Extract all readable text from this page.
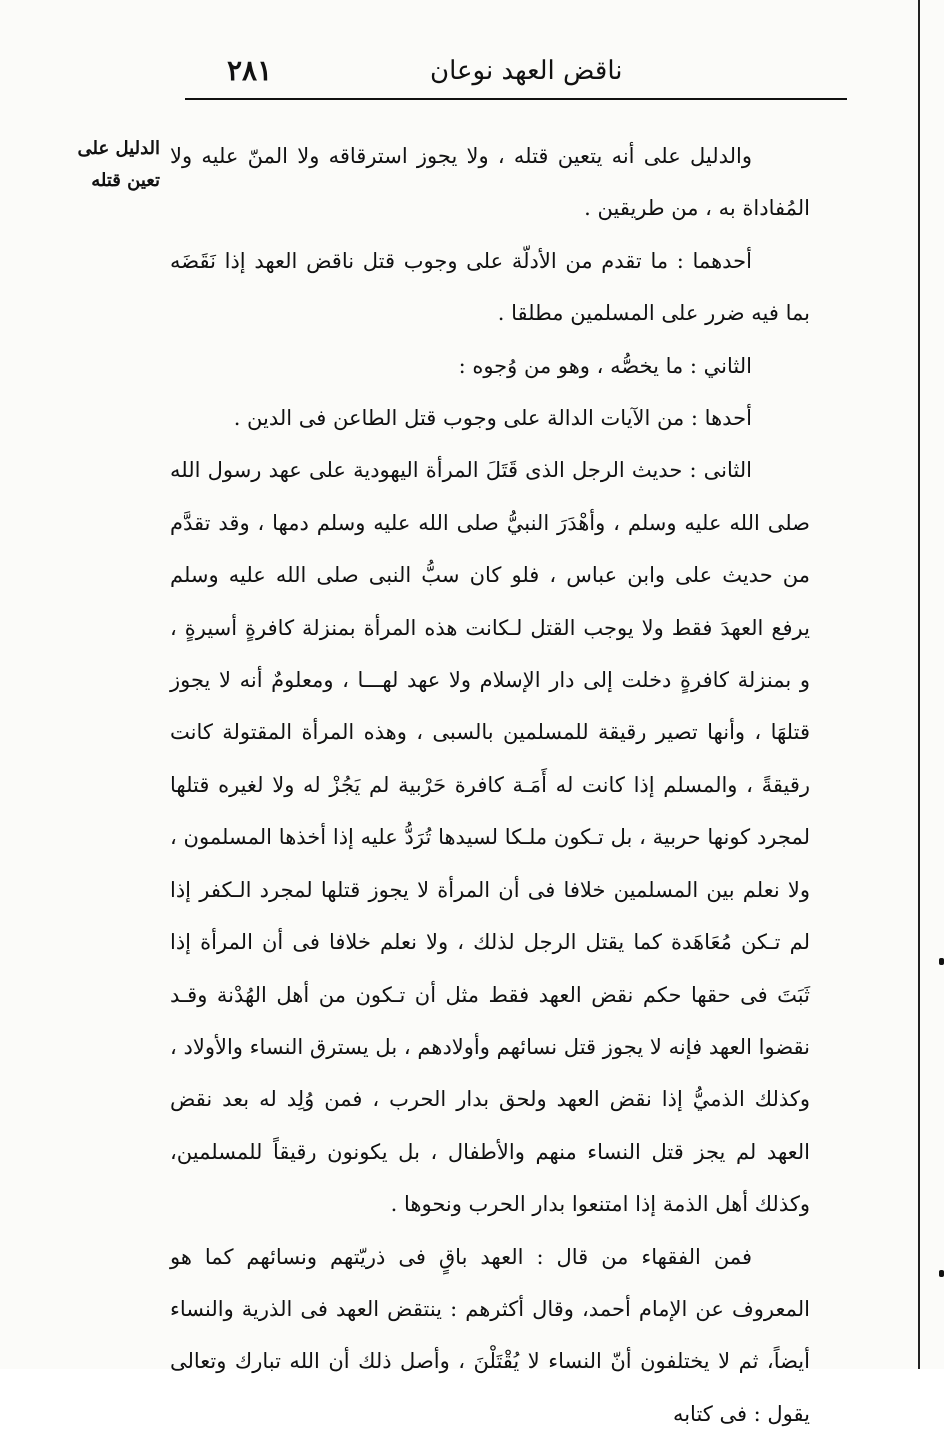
٢٨١	ناقض العهد نوعان
الدليل على
تعين قتله

والدليل على أنه يتعين قتله ، ولا يجوز استرقاقه ولا المنّ عليه ولا المُفاداة به ، من طريقين .

أحدهما : ما تقدم من الأدلّة على وجوب قتل ناقض العهد إذا نَقَضَه بما فيه ضرر على المسلمين مطلقا .

الثاني : ما يخصُّه ، وهو من وُجوه :

أحدها : من الآيات الدالة على وجوب قتل الطاعن فى الدين .

الثانى : حديث الرجل الذى قَتَلَ المرأة اليهودية على عهد رسول الله صلى الله عليه وسلم ، وأهْدَرَ النبيُّ صلى الله عليه وسلم دمها ، وقد تقدَّم من حديث على وابن عباس ، فلو كان سبُّ النبى صلى الله عليه وسلم يرفع العهدَ فقط ولا يوجب القتل لـكانت هذه المرأة بمنزلة كافرةٍ أسيرةٍ ، و بمنزلة كافرةٍ دخلت إلى دار الإسلام ولا عهد لهـــا ، ومعلومٌ أنه لا يجوز قتلهَا ، وأنها تصير رقيقة للمسلمين بالسبى ، وهذه المرأة المقتولة كانت رقيقةً ، والمسلم إذا كانت له أَمَـة كافرة حَرْبية لم يَجُزْ له ولا لغيره قتلها لمجرد كونها حربية ، بل تـكون ملـكا لسيدها تُرَدُّ عليه إذا أخذها المسلمون ، ولا نعلم بين المسلمين خلافا فى أن المرأة لا يجوز قتلها لمجرد الـكفر إذا لم تـكن مُعَاهَدة كما يقتل الرجل لذلك ، ولا نعلم خلافا فى أن المرأة إذا ثَبَتَ فى حقها حكم نقض العهد فقط مثل أن تـكون من أهل الهُدْنة وقـد نقضوا العهد فإنه لا يجوز قتل نسائهم وأولادهم ، بل يسترق النساء والأولاد ، وكذلك الذميُّ إذا نقض العهد ولحق بدار الحرب ، فمن وُلِد له بعد نقض العهد لم يجز قتل النساء منهم والأطفال ، بل يكونون رقيقاً للمسلمين، وكذلك أهل الذمة إذا امتنعوا بدار الحرب ونحوها .

فمن الفقهاء من قال : العهد باقٍ فى ذريّتهم ونسائهم كما هو المعروف عن الإمام أحمد، وقال أكثرهم : ينتقض العهد فى الذرية والنساء أيضاً، ثم لا يختلفون أنّ النساء لا يُقْتَلْنَ ، وأصل ذلك أن الله تبارك وتعالى يقول : فى كتابه
